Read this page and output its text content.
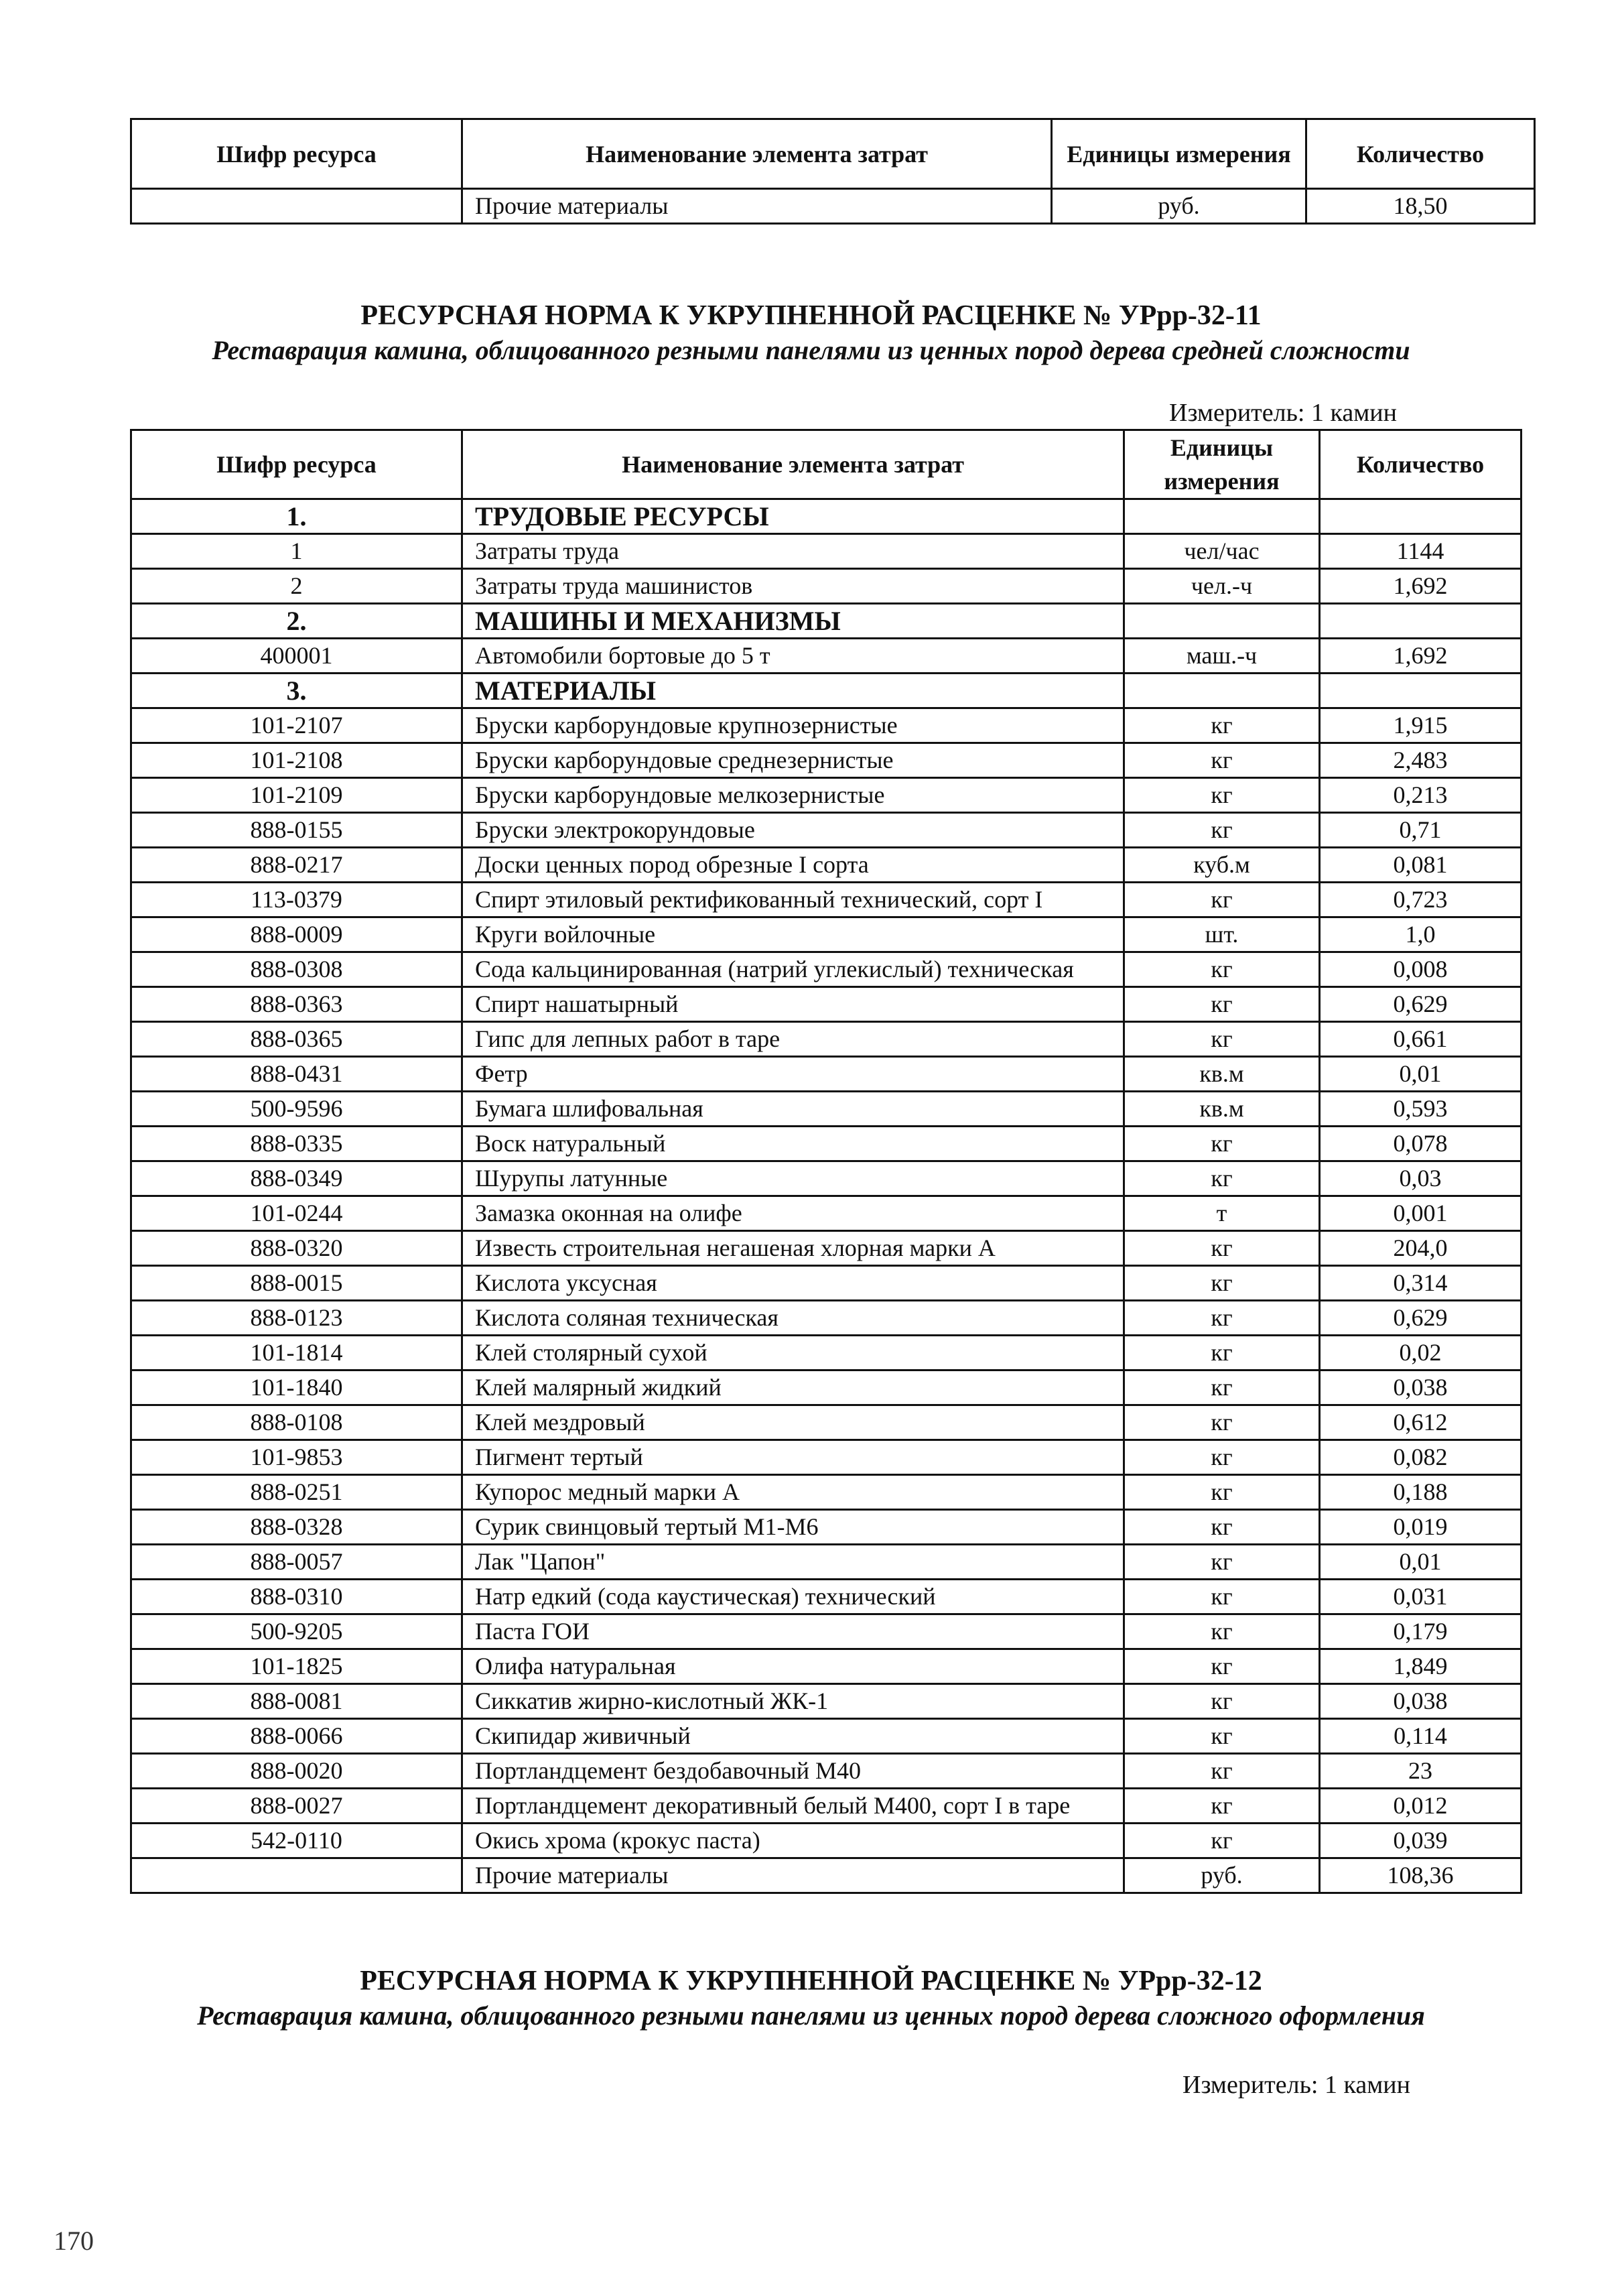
Шифр ресурса	Наименование элемента затрат	Единицы измерения	Количество
	Прочие материалы	руб.	18,50
РЕСУРСНАЯ НОРМА К УКРУПНЕННОЙ РАСЦЕНКЕ № УРрр-32-11

Реставрация камина, облицованного резными панелями из ценных пород дерева средней сложности

Измеритель: 1 камин
Шифр ресурса	Наименование элемента затрат	Единицы измерения	Количество
1.	ТРУДОВЫЕ РЕСУРСЫ		
1	Затраты труда	чел/час	1144
2	Затраты труда машинистов	чел.-ч	1,692
2.	МАШИНЫ И МЕХАНИЗМЫ		
400001	Автомобили бортовые до 5 т	маш.-ч	1,692
3.	МАТЕРИАЛЫ		
101-2107	Бруски карборундовые крупнозернистые	кг	1,915
101-2108	Бруски карборундовые среднезернистые	кг	2,483
101-2109	Бруски карборундовые мелкозернистые	кг	0,213
888-0155	Бруски электрокорундовые	кг	0,71
888-0217	Доски ценных пород обрезные I сорта	куб.м	0,081
113-0379	Спирт этиловый ректификованный технический, сорт I	кг	0,723
888-0009	Круги войлочные	шт.	1,0
888-0308	Сода кальцинированная (натрий углекислый) техническая	кг	0,008
888-0363	Спирт нашатырный	кг	0,629
888-0365	Гипс для лепных работ в таре	кг	0,661
888-0431	Фетр	кв.м	0,01
500-9596	Бумага шлифовальная	кв.м	0,593
888-0335	Воск натуральный	кг	0,078
888-0349	Шурупы латунные	кг	0,03
101-0244	Замазка оконная на олифе	т	0,001
888-0320	Известь строительная негашеная хлорная марки А	кг	204,0
888-0015	Кислота уксусная	кг	0,314
888-0123	Кислота соляная техническая	кг	0,629
101-1814	Клей столярный сухой	кг	0,02
101-1840	Клей малярный жидкий	кг	0,038
888-0108	Клей мездровый	кг	0,612
101-9853	Пигмент тертый	кг	0,082
888-0251	Купорос медный марки А	кг	0,188
888-0328	Сурик свинцовый тертый М1-М6	кг	0,019
888-0057	Лак "Цапон"	кг	0,01
888-0310	Натр едкий (сода каустическая) технический	кг	0,031
500-9205	Паста ГОИ	кг	0,179
101-1825	Олифа натуральная	кг	1,849
888-0081	Сиккатив жирно-кислотный ЖК-1	кг	0,038
888-0066	Скипидар живичный	кг	0,114
888-0020	Портландцемент бездобавочный М40	кг	23
888-0027	Портландцемент декоративный белый М400, сорт I в таре	кг	0,012
542-0110	Окись хрома (крокус паста)	кг	0,039
	Прочие материалы	руб.	108,36
РЕСУРСНАЯ НОРМА К УКРУПНЕННОЙ РАСЦЕНКЕ № УРрр-32-12

Реставрация камина, облицованного резными панелями из ценных пород дерева сложного оформления

Измеритель: 1 камин
170
